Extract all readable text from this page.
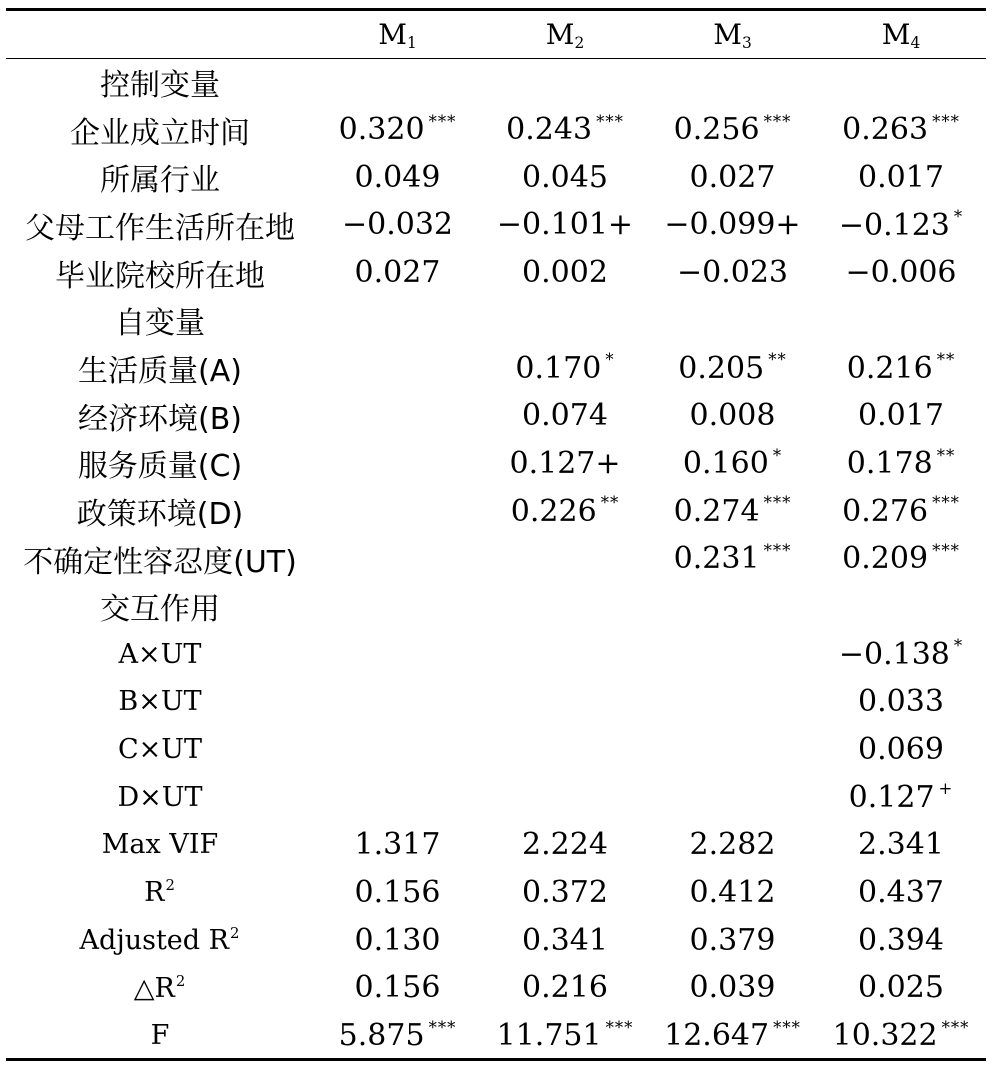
	$M_1$	$M_2$	$M_3$	$M_4$
控制变量				
企业成立时间	0.320 ***	0.243 ***	0.256 ***	0.263 ***
所属行业	0.049	0.045	0.027	0.017
父母工作生活所在地	−0.032	−0.101+	−0.099+	−0.123 *
毕业院校所在地	0.027	0.002	−0.023	−0.006
自变量				
生活质量(A)		0.170 *	0.205 **	0.216 **
经济环境(B)		0.074	0.008	0.017
服务质量(C)		0.127+	0.160 *	0.178 **
政策环境(D)		0.226 **	0.274 ***	0.276 ***
不确定性容忍度(UT)			0.231 ***	0.209 ***
交互作用				
A×UT				−0.138 *
B×UT				0.033
C×UT				0.069
D×UT				0.127 +
Max VIF	1.317	2.224	2.282	2.341
$R^2$	0.156	0.372	0.412	0.437
Adjusted $R^2$	0.130	0.341	0.379	0.394
$\triangle R^2$	0.156	0.216	0.039	0.025
F	5.875 ***	11.751 ***	12.647 ***	10.322 ***
